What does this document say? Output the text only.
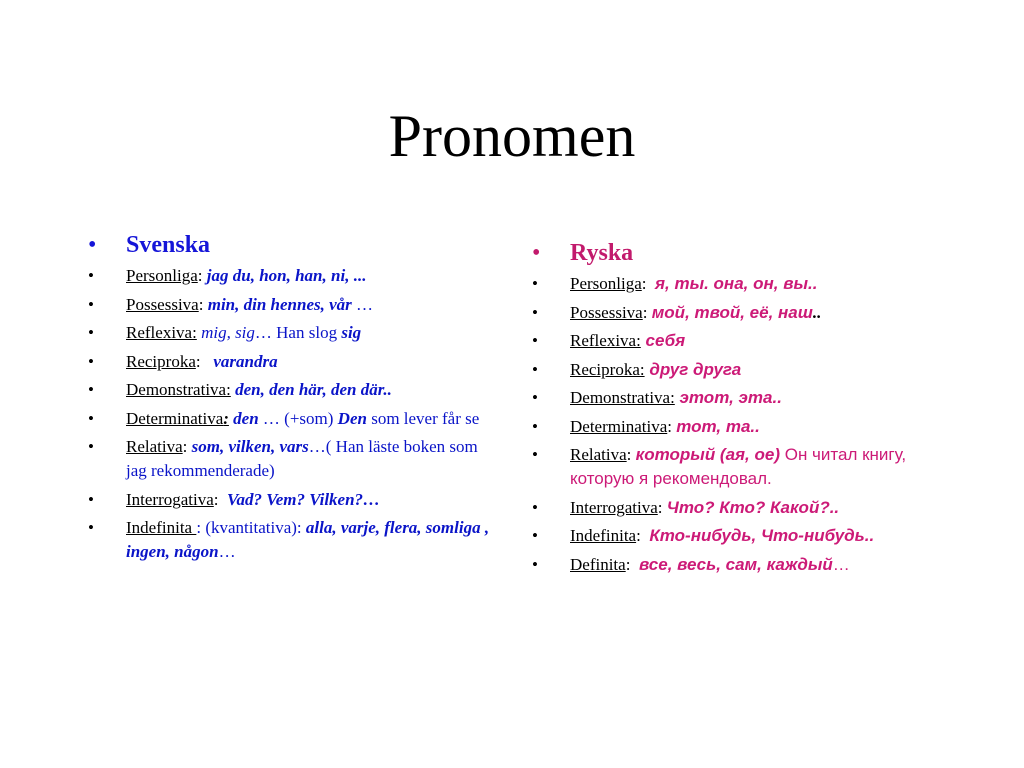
Pronomen
• Svenska
• Personliga: jag du, hon, han, ni, ...
• Possessiva: min, din hennes, vår …
• Reflexiva: mig, sig… Han slog sig
• Reciproka:   varandra
• Demonstrativa: den, den här, den där..
• Determinativa: den … (+som) Den som lever får se
• Relativa: som, vilken, vars…( Han läste boken som jag rekommenderade)
• Interrogativa:  Vad? Vem? Vilken?…
• Indefinita : (kvantitativa): alla, varje, flera, somliga , ingen, någon…
• Ryska
• Personliga:  я, ты. она, он, вы..
• Possessiva: мой, твой, её, наш..
• Reflexiva: себя
• Reciproka: друг друга
• Demonstrativa: этот, эта..
• Determinativa: тот, та..
• Relativa: который (ая, ое) Он читал книгу, которую я рекомендовал.
• Interrogativa: Что? Кто? Какой?..
• Indefinita:  Кто-нибудь, Что-нибудь..
• Definita:  все, весь, сам, каждый…
